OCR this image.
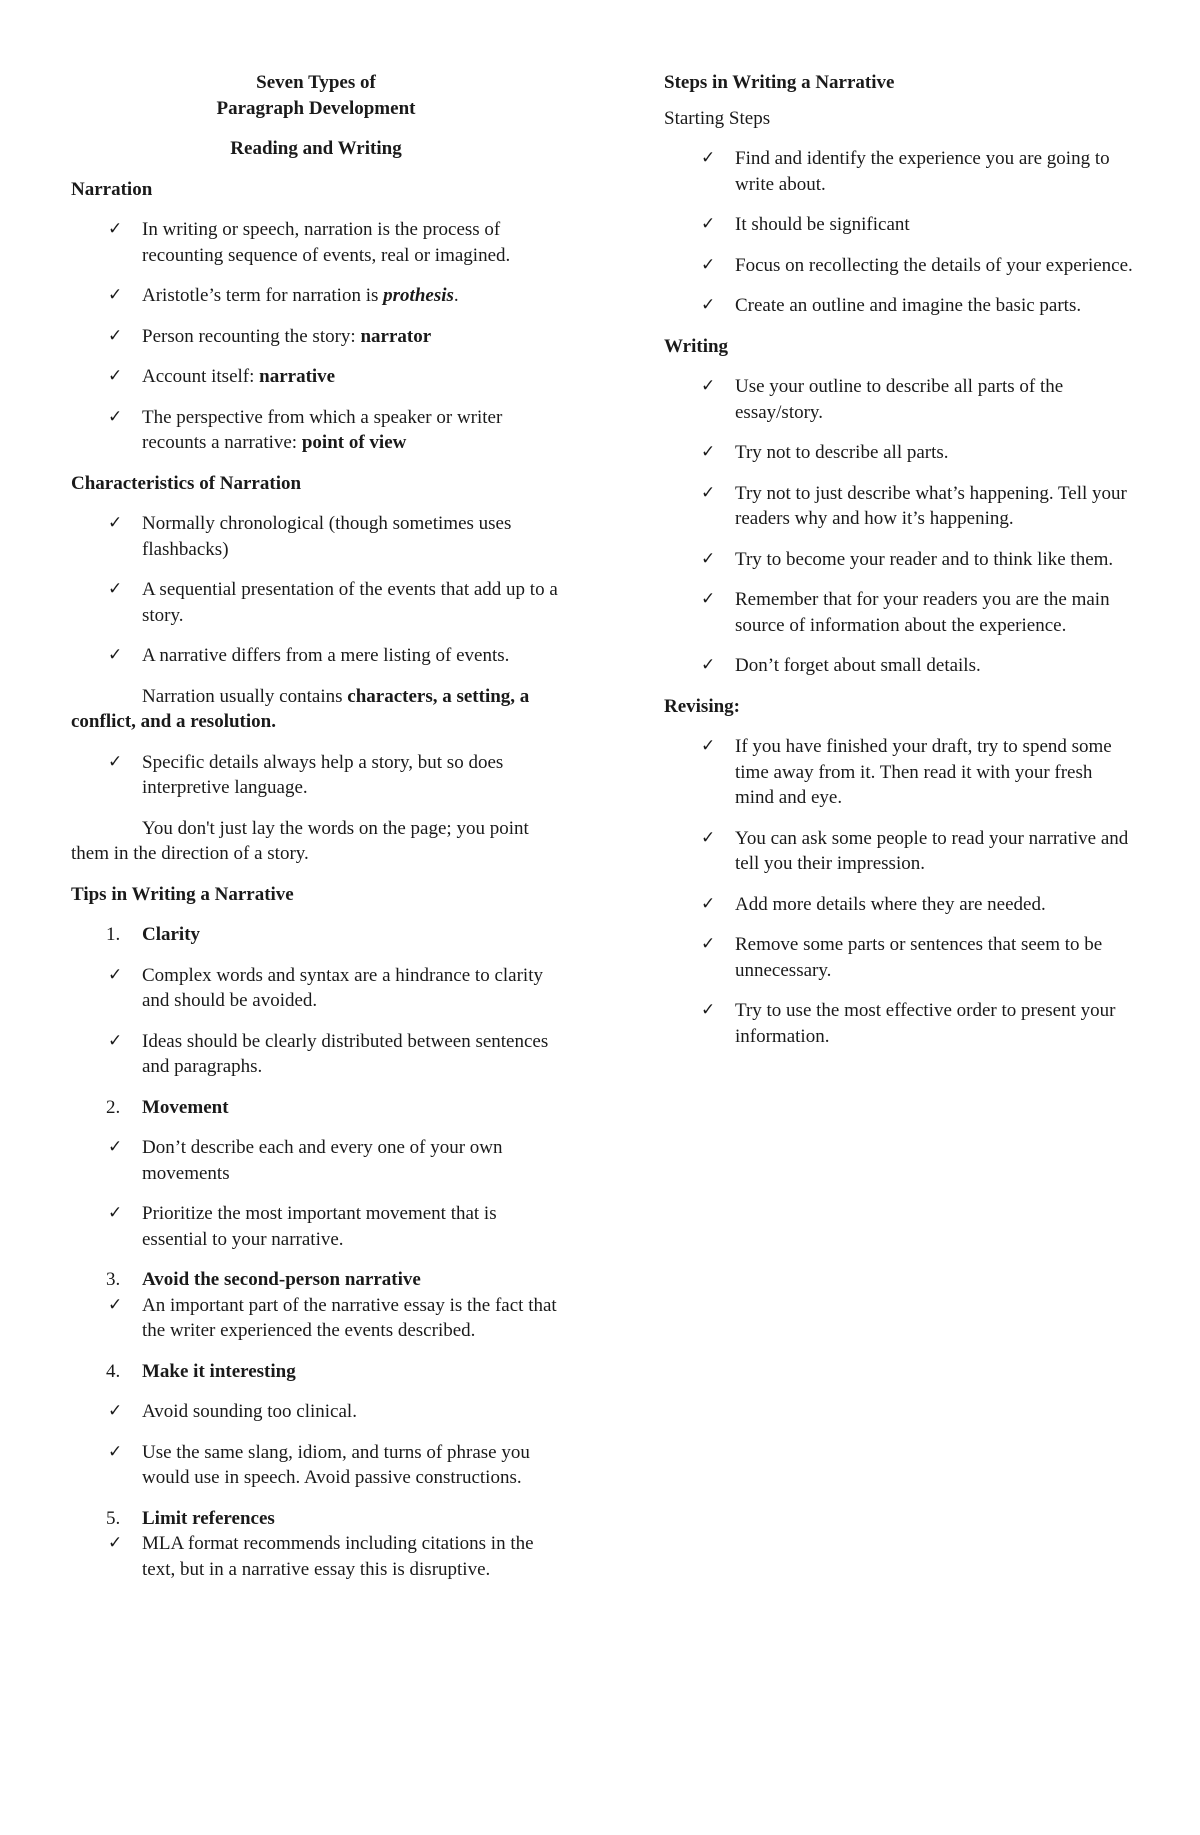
Seven Types of
Paragraph Development
Reading and Writing
Narration
✓ In writing or speech, narration is the process of recounting sequence of events, real or imagined.
✓ Aristotle’s term for narration is prothesis.
✓ Person recounting the story: narrator
✓ Account itself: narrative
✓ The perspective from which a speaker or writer recounts a narrative: point of view
Characteristics of Narration
✓ Normally chronological (though sometimes uses flashbacks)
✓ A sequential presentation of the events that add up to a story.
✓ A narrative differs from a mere listing of events.

Narration usually contains characters, a setting, a conflict, and a resolution.

✓ Specific details always help a story, but so does interpretive language.

You don't just lay the words on the page; you point them in the direction of a story.

Tips in Writing a Narrative
1. Clarity
✓ Complex words and syntax are a hindrance to clarity and should be avoided.
✓ Ideas should be clearly distributed between sentences and paragraphs.
2. Movement
✓ Don’t describe each and every one of your own movements
✓ Prioritize the most important movement that is essential to your narrative.
3. Avoid the second-person narrative
✓ An important part of the narrative essay is the fact that the writer experienced the events described.
4. Make it interesting
✓ Avoid sounding too clinical.
✓ Use the same slang, idiom, and turns of phrase you would use in speech. Avoid passive constructions.
5. Limit references
✓ MLA format recommends including citations in the text, but in a narrative essay this is disruptive.
Steps in Writing a Narrative
Starting Steps
✓ Find and identify the experience you are going to write about.
✓ It should be significant
✓ Focus on recollecting the details of your experience.
✓ Create an outline and imagine the basic parts.
Writing
✓ Use your outline to describe all parts of the essay/story.
✓ Try not to describe all parts.
✓ Try not to just describe what’s happening. Tell your readers why and how it’s happening.
✓ Try to become your reader and to think like them.
✓ Remember that for your readers you are the main source of information about the experience.
✓ Don’t forget about small details.
Revising:
✓ If you have finished your draft, try to spend some time away from it. Then read it with your fresh mind and eye.
✓ You can ask some people to read your narrative and tell you their impression.
✓ Add more details where they are needed.
✓ Remove some parts or sentences that seem to be unnecessary.
✓ Try to use the most effective order to present your information.
